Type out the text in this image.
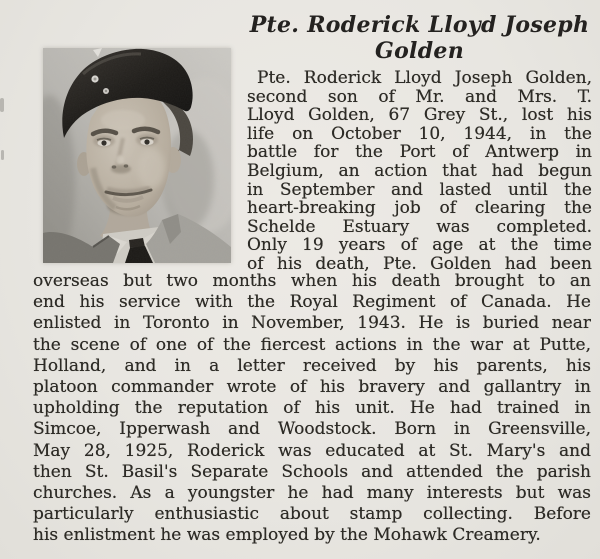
Pte. Roderick Lloyd Joseph
Golden
Pte. Roderick Lloyd Joseph Golden,
second son of Mr. and Mrs. T.
Lloyd Golden, 67 Grey St., lost his
life on October 10, 1944, in the
battle for the Port of Antwerp in
Belgium, an action that had begun
in September and lasted until the
heart-breaking job of clearing the
Schelde Estuary was completed.
Only 19 years of age at the time
of his death, Pte. Golden had been
overseas but two months when his death brought to an
end his service with the Royal Regiment of Canada. He
enlisted in Toronto in November, 1943. He is buried near
the scene of one of the fiercest actions in the war at Putte,
Holland, and in a letter received by his parents, his
platoon commander wrote of his bravery and gallantry in
upholding the reputation of his unit. He had trained in
Simcoe, Ipperwash and Woodstock. Born in Greensville,
May 28, 1925, Roderick was educated at St. Mary's and
then St. Basil's Separate Schools and attended the parish
churches. As a youngster he had many interests but was
particularly enthusiastic about stamp collecting. Before
his enlistment he was employed by the Mohawk Creamery.
